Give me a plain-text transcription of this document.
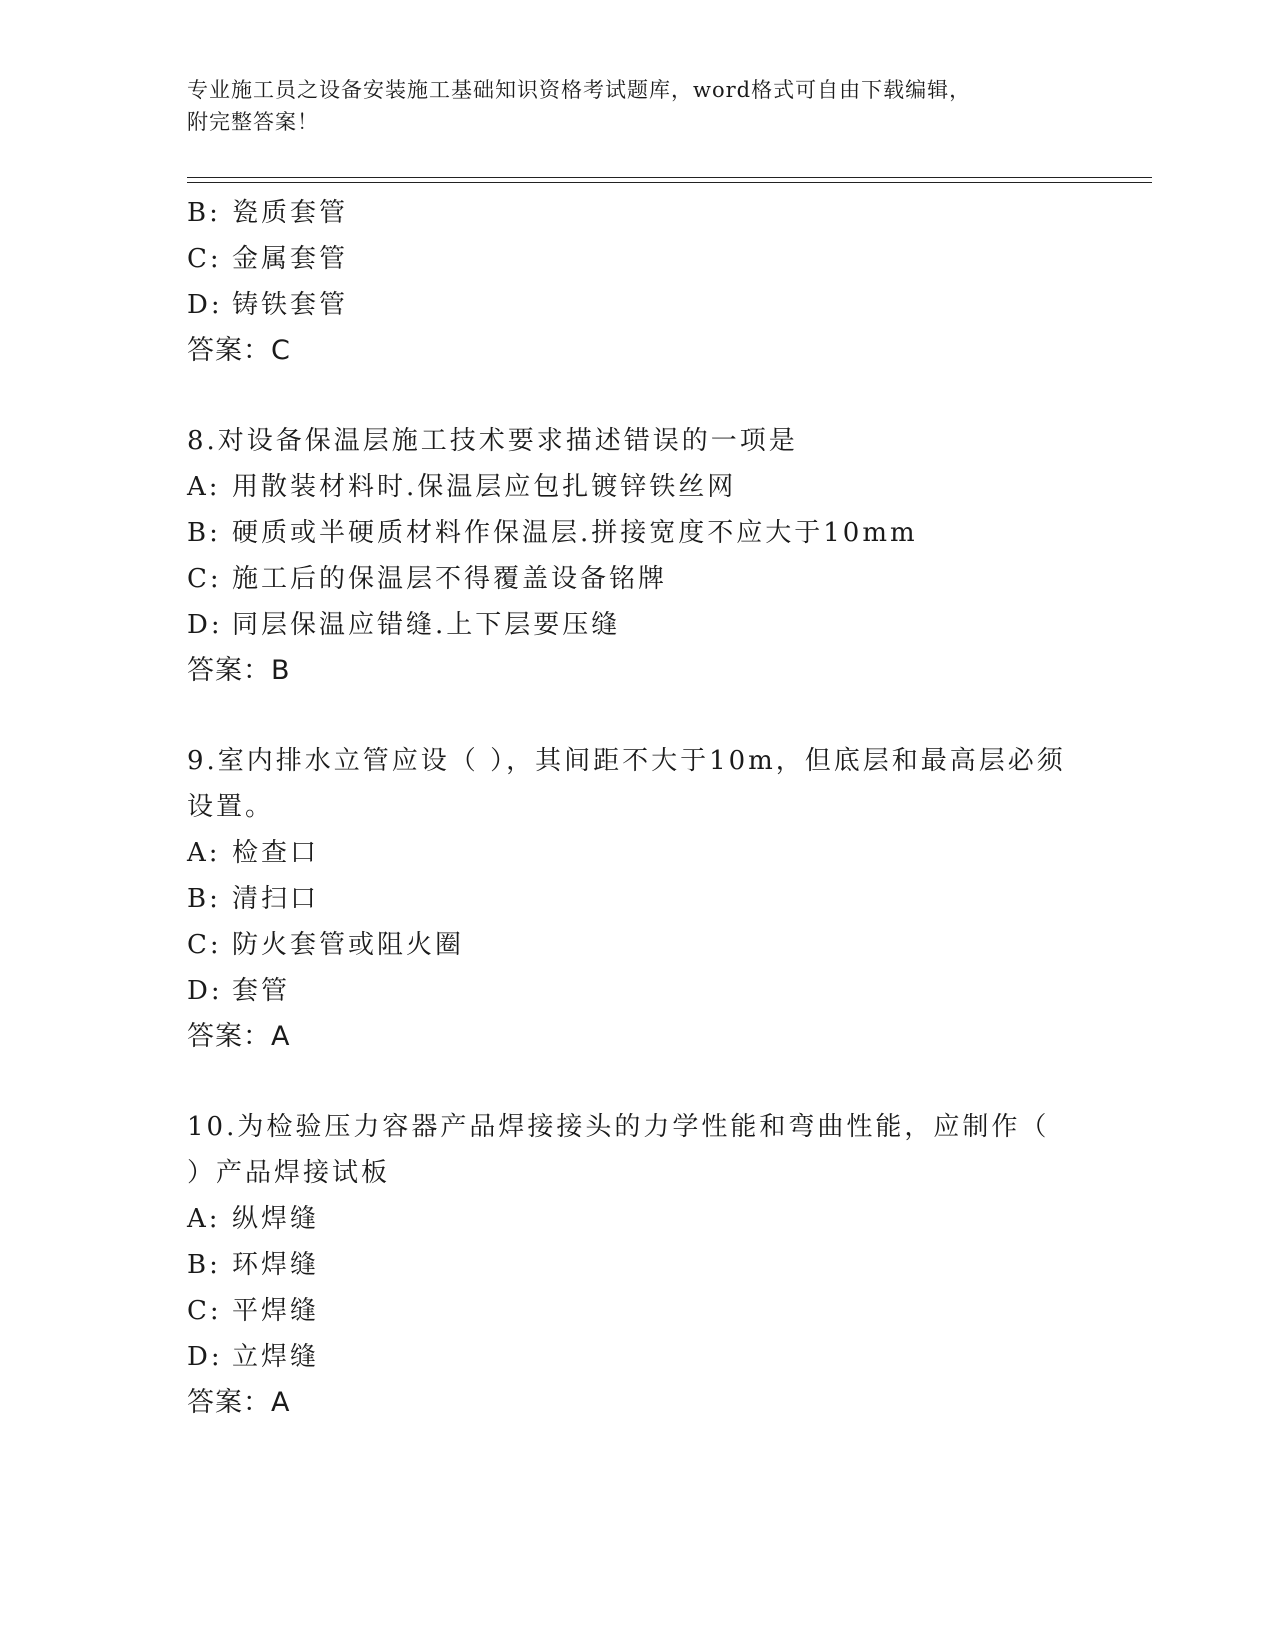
专业施工员之设备安装施工基础知识资格考试题库，word格式可自由下载编辑，
附完整答案！
B: 瓷质套管
C: 金属套管
D: 铸铁套管
答案：C
8.对设备保温层施工技术要求描述错误的一项是
A: 用散装材料时.保温层应包扎镀锌铁丝网
B: 硬质或半硬质材料作保温层.拼接宽度不应大于10mm
C: 施工后的保温层不得覆盖设备铭牌
D: 同层保温应错缝.上下层要压缝
答案：B
9.室内排水立管应设（ ），其间距不大于10m，但底层和最高层必须
设置。
A: 检查口
B: 清扫口
C: 防火套管或阻火圈
D: 套管
答案：A
10.为检验压力容器产品焊接接头的力学性能和弯曲性能，应制作（
）产品焊接试板
A: 纵焊缝
B: 环焊缝
C: 平焊缝
D: 立焊缝
答案：A
